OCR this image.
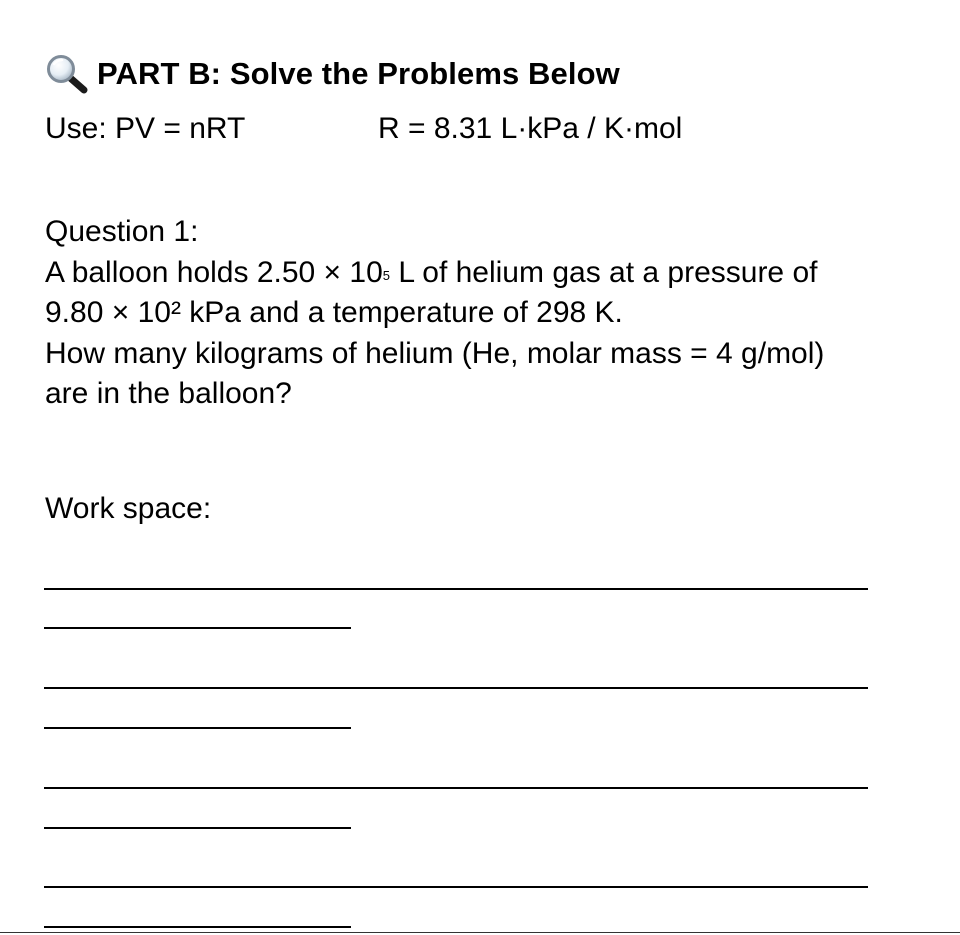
PART B: Solve the Problems Below
Use: PV = nRT	R = 8.31 L·kPa / K·mol

Question 1:

A balloon holds $2.50 \times 10^5$ L of helium gas at a pressure of 9.80 × 10² kPa and a temperature of 298 K.

How many kilograms of helium (He, molar mass = 4 g/mol) are in the balloon?

Work space:
